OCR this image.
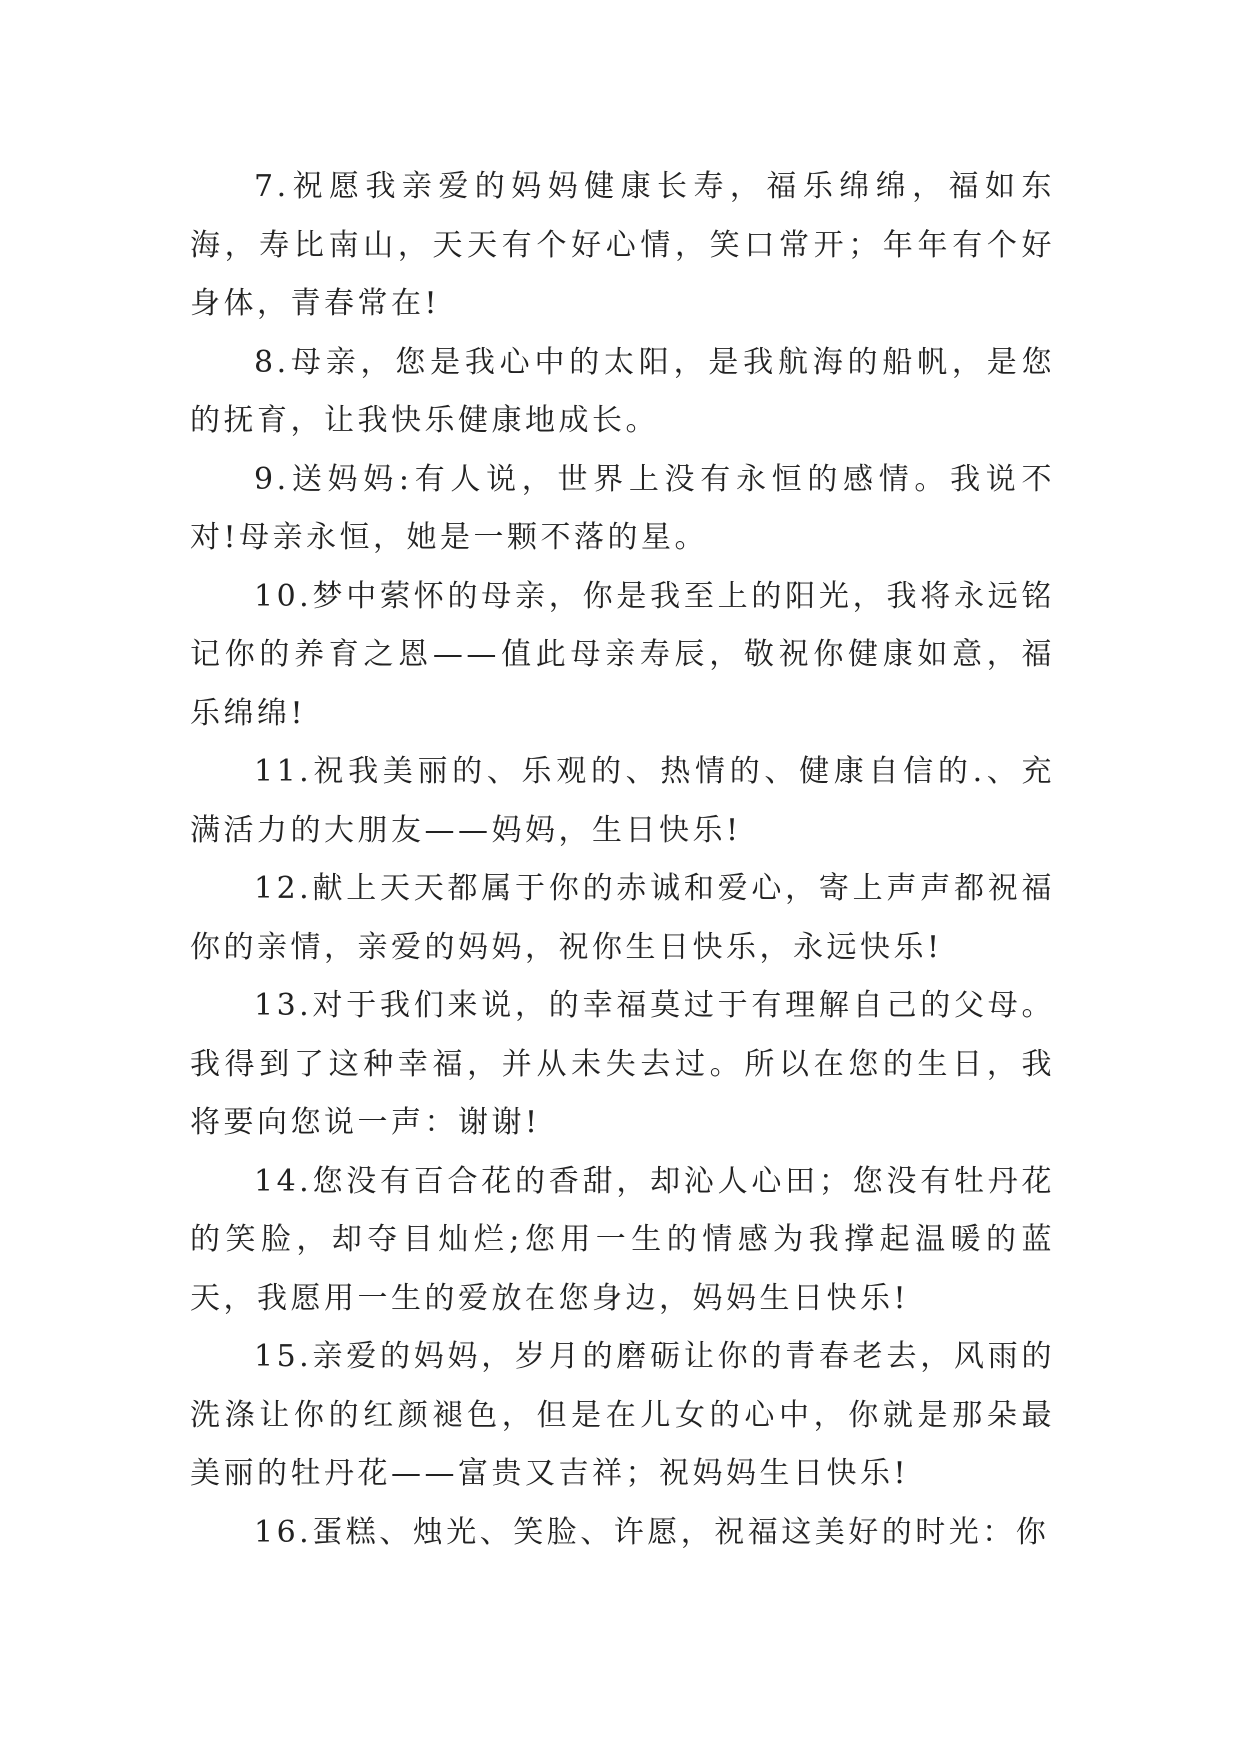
7.祝愿我亲爱的妈妈健康长寿，福乐绵绵，福如东海，寿比南山，天天有个好心情，笑口常开；年年有个好身体，青春常在!

8.母亲，您是我心中的太阳，是我航海的船帆，是您的抚育，让我快乐健康地成长。

9.送妈妈:有人说，世界上没有永恒的感情。我说不对!母亲永恒，她是一颗不落的星。

10.梦中萦怀的母亲，你是我至上的阳光，我将永远铭记你的养育之恩——值此母亲寿辰，敬祝你健康如意，福乐绵绵!

11.祝我美丽的、乐观的、热情的、健康自信的.、充满活力的大朋友——妈妈，生日快乐!

12.献上天天都属于你的赤诚和爱心，寄上声声都祝福你的亲情，亲爱的妈妈，祝你生日快乐，永远快乐!

13.对于我们来说，的幸福莫过于有理解自己的父母。我得到了这种幸福，并从未失去过。所以在您的生日，我将要向您说一声：谢谢!

14.您没有百合花的香甜，却沁人心田；您没有牡丹花的笑脸，却夺目灿烂;您用一生的情感为我撑起温暖的蓝天，我愿用一生的爱放在您身边，妈妈生日快乐!

15.亲爱的妈妈，岁月的磨砺让你的青春老去，风雨的洗涤让你的红颜褪色，但是在儿女的心中，你就是那朵最美丽的牡丹花——富贵又吉祥；祝妈妈生日快乐!

16.蛋糕、烛光、笑脸、许愿，祝福这美好的时光：你
